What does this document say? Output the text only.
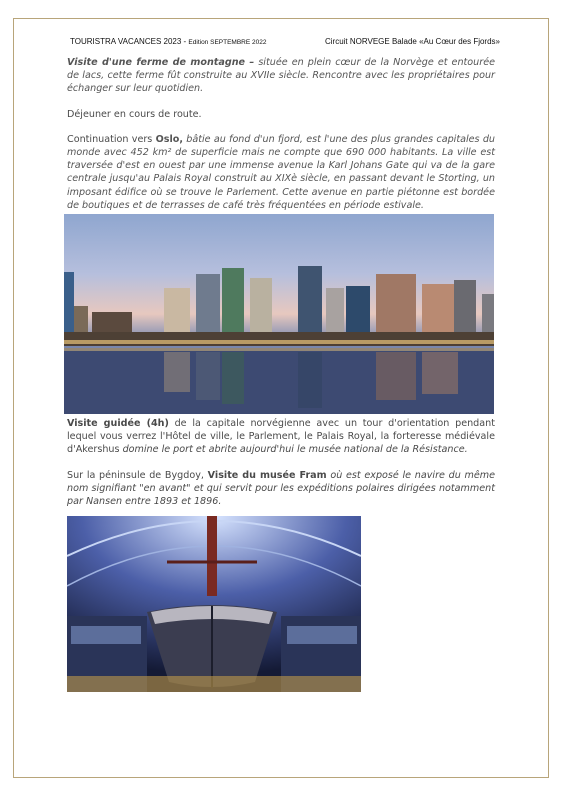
TOURISTRA VACANCES 2023 - Edition SEPTEMBRE 2022	Circuit NORVEGE Balade «Au Cœur des Fjords»

Visite d'une ferme de montagne – située en plein cœur de la Norvège et entourée de lacs, cette ferme fût construite au XVIIe siècle. Rencontre avec les propriétaires pour échanger sur leur quotidien.

Déjeuner en cours de route.

Continuation vers Oslo, bâtie au fond d'un fjord, est l'une des plus grandes capitales du monde avec 452 km² de superficie mais ne compte que 690 000 habitants. La ville est traversée d'est en ouest par une immense avenue la Karl Johans Gate qui va de la gare centrale jusqu'au Palais Royal construit au XIXè siècle, en passant devant le Storting, un imposant édifice où se trouve le Parlement. Cette avenue en partie piétonne est bordée de boutiques et de terrasses de café très fréquentées en période estivale.

Visite guidée (4h) de la capitale norvégienne avec un tour d'orientation pendant lequel vous verrez l'Hôtel de ville, le Parlement, le Palais Royal, la forteresse médiévale d'Akershus domine le port et abrite aujourd'hui le musée national de la Résistance.

Sur la péninsule de Bygdoy, Visite du musée Fram où est exposé le navire du même nom signifiant "en avant" et qui servit pour les expéditions polaires dirigées notamment par Nansen entre 1893 et 1896.
